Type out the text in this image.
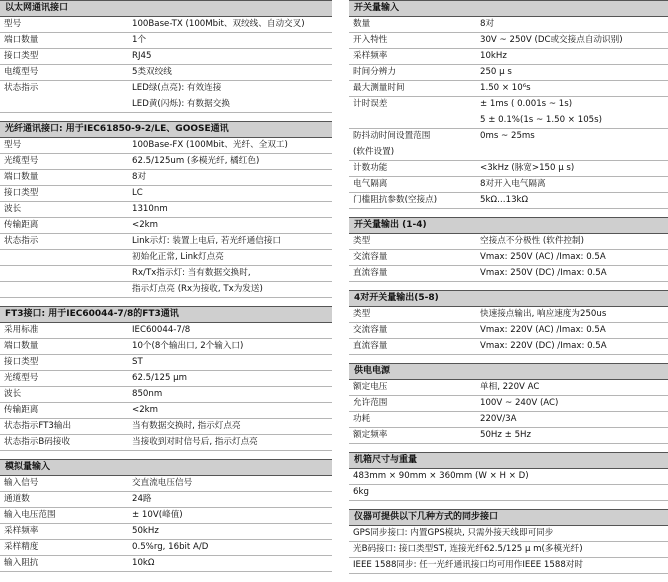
以太网通讯接口
型号	100Base-TX (100Mbit、双绞线、自动交叉)
端口数量	1个
接口类型	RJ45
电缆型号	5类双绞线
状态指示	LED绿(点亮): 有效连接
LED黄(闪烁): 有数据交换
光纤通讯接口: 用于IEC61850-9-2/LE、GOOSE通讯
型号	100Base-FX (100Mbit、光纤、全双工)
光缆型号	62.5/125um (多模光纤, 橘红色)
端口数量	8对
接口类型	LC
波长	1310nm
传输距离	<2km
状态指示	Link示灯: 装置上电后, 若光纤通信接口
初始化正常, Link灯点亮
Rx/Tx指示灯: 当有数据交换时,
指示灯点亮 (Rx为接收, Tx为发送)
FT3接口: 用于IEC60044-7/8的FT3通讯
采用标准	IEC60044-7/8
端口数量	10个(8个输出口, 2个输入口)
接口类型	ST
光缆型号	62.5/125 μm
波长	850nm
传输距离	<2km
状态指示FT3输出	当有数据交换时, 指示灯点亮
状态指示B码接收	当接收到对时信号后, 指示灯点亮
模拟量输入
输入信号	交直流电压信号
通道数	24路
输入电压范围	± 10V(峰值)
采样频率	50kHz
采样精度	0.5%rg, 16bit A/D
输入阻抗	10kΩ
开关量输入
数量	8对
开入特性	30V ~ 250V (DC或交接点自动识别)
采样频率	10kHz
时间分辨力	250 μ s
最大测量时间	1.50 × 10⁶s
计时误差	± 1ms ( 0.001s ~ 1s)
5 ± 0.1%(1s ~ 1.50 × 105s)
防抖动时间设置范围	0ms ~ 25ms
(软件设置)
计数功能	<3kHz (脉宽>150 μ s)
电气隔离	8对开入电气隔离
门槛阻抗参数(空接点)	5kΩ…13kΩ
开关量输出 (1-4)
类型	空接点不分极性 (软件控制)
交流容量	Vmax: 250V (AC) /Imax: 0.5A
直流容量	Vmax: 250V (DC) /Imax: 0.5A
4对开关量输出(5-8)
类型	快速接点输出, 响应速度为250us
交流容量	Vmax: 220V (AC) /Imax: 0.5A
直流容量	Vmax: 220V (DC) /Imax: 0.5A
供电电源
额定电压	单相, 220V AC
允许范围	100V ~ 240V (AC)
功耗	220V/3A
额定频率	50Hz ± 5Hz
机箱尺寸与重量
483mm × 90mm × 360mm (W × H × D)
6kg
仪器可提供以下几种方式的同步接口
GPS同步接口: 内置GPS模块, 只需外接天线即可同步
光B码接口: 接口类型ST, 连接光纤62.5/125 μ m(多模光纤)
IEEE 1588同步: 任一光纤通讯接口均可用作IEEE 1588对时
